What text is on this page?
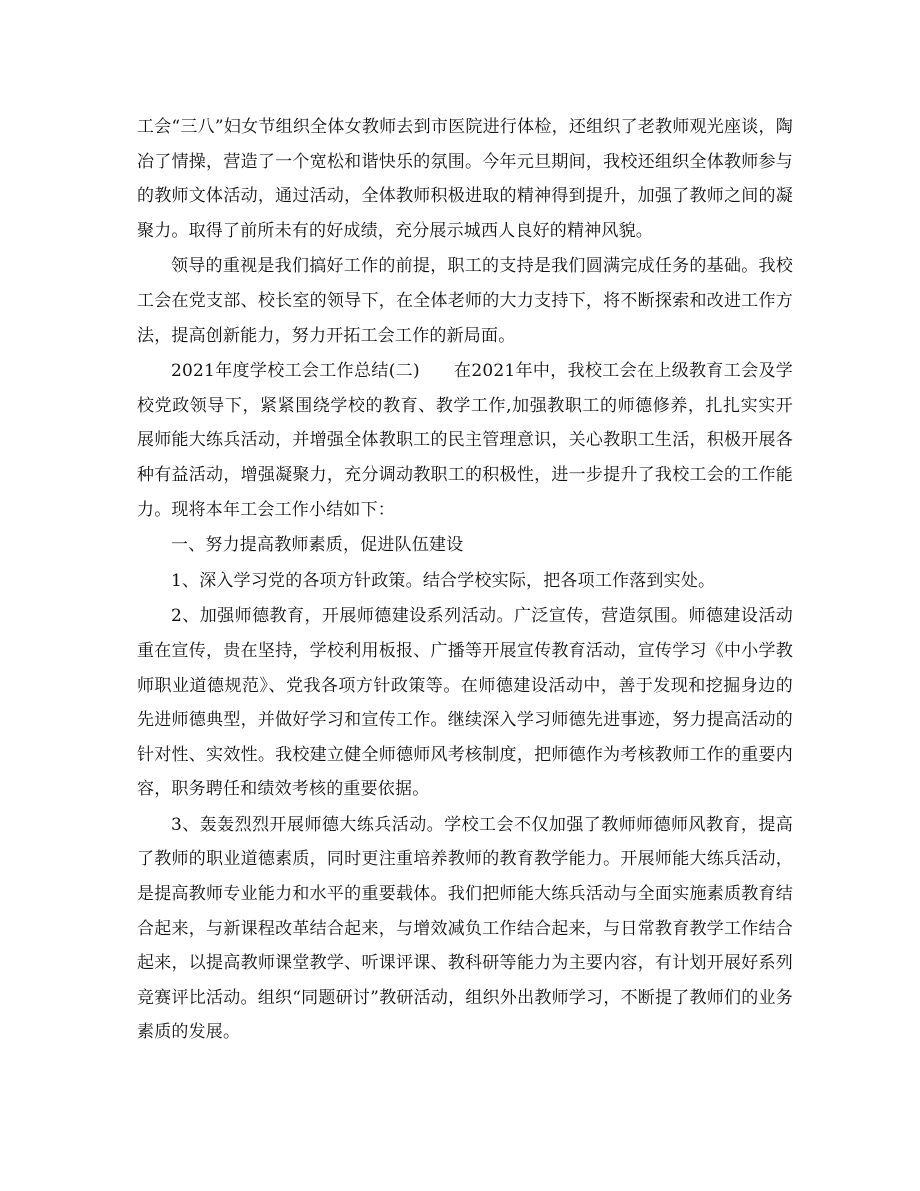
工会“三八”妇女节组织全体女教师去到市医院进行体检，还组织了老教师观光座谈，陶冶了情操，营造了一个宽松和谐快乐的氛围。今年元旦期间，我校还组织全体教师参与的教师文体活动，通过活动，全体教师积极进取的精神得到提升，加强了教师之间的凝聚力。取得了前所未有的好成绩，充分展示城西人良好的精神风貌。

领导的重视是我们搞好工作的前提，职工的支持是我们圆满完成任务的基础。我校工会在党支部、校长室的领导下，在全体老师的大力支持下，将不断探索和改进工作方法，提高创新能力，努力开拓工会工作的新局面。

2021年度学校工会工作总结(二) 在2021年中，我校工会在上级教育工会及学校党政领导下，紧紧围绕学校的教育、教学工作,加强教职工的师德修养，扎扎实实开展师能大练兵活动，并增强全体教职工的民主管理意识，关心教职工生活，积极开展各种有益活动，增强凝聚力，充分调动教职工的积极性，进一步提升了我校工会的工作能力。现将本年工会工作小结如下：

一、努力提高教师素质，促进队伍建设

1、深入学习党的各项方针政策。结合学校实际，把各项工作落到实处。

2、加强师德教育，开展师德建设系列活动。广泛宣传，营造氛围。师德建设活动重在宣传，贵在坚持，学校利用板报、广播等开展宣传教育活动，宣传学习《中小学教师职业道德规范》、党我各项方针政策等。在师德建设活动中，善于发现和挖掘身边的先进师德典型，并做好学习和宣传工作。继续深入学习师德先进事迹，努力提高活动的针对性、实效性。我校建立健全师德师风考核制度，把师德作为考核教师工作的重要内容，职务聘任和绩效考核的重要依据。

3、轰轰烈烈开展师德大练兵活动。学校工会不仅加强了教师师德师风教育，提高了教师的职业道德素质，同时更注重培养教师的教育教学能力。开展师能大练兵活动，是提高教师专业能力和水平的重要载体。我们把师能大练兵活动与全面实施素质教育结合起来，与新课程改革结合起来，与增效减负工作结合起来，与日常教育教学工作结合起来，以提高教师课堂教学、听课评课、教科研等能力为主要内容，有计划开展好系列竞赛评比活动。组织“同题研讨”教研活动，组织外出教师学习，不断提了教师们的业务素质的发展。
